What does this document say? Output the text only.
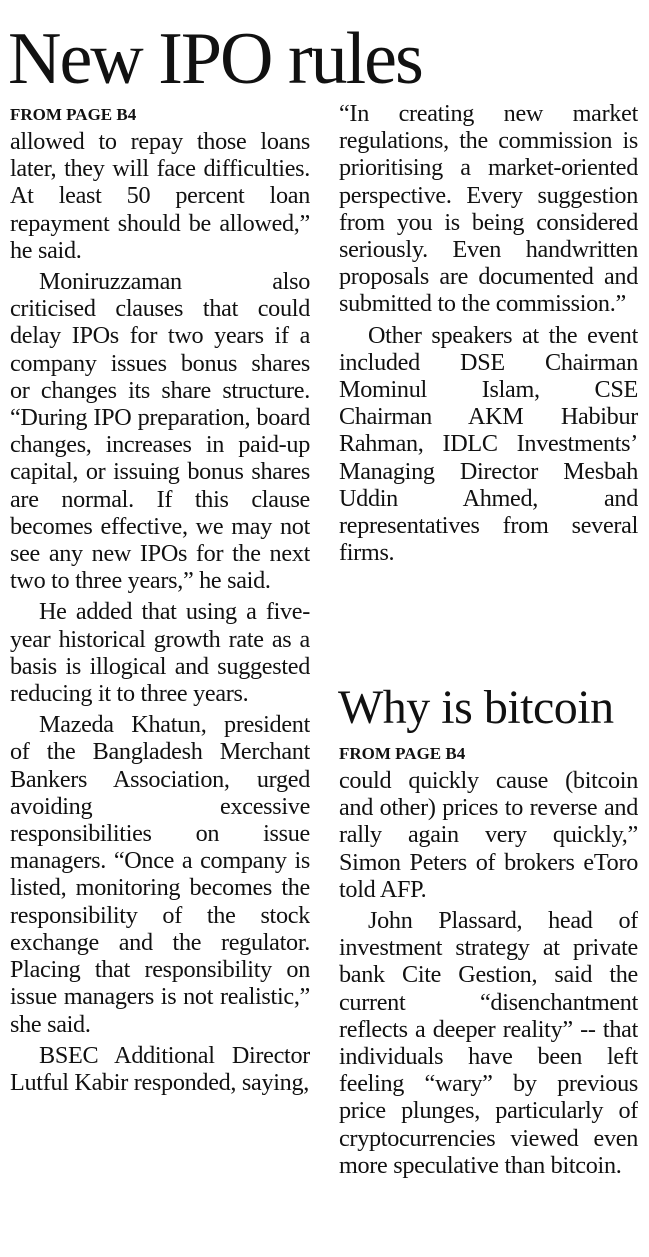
New IPO rules
FROM PAGE B4

allowed to repay those loans later, they will face difficulties. At least 50 percent loan repayment should be allowed,” he said.

Moniruzzaman also criticised clauses that could delay IPOs for two years if a company issues bonus shares or changes its share structure. “During IPO preparation, board changes, increases in paid-up capital, or issuing bonus shares are normal. If this clause becomes effective, we may not see any new IPOs for the next two to three years,” he said.

He added that using a five-year historical growth rate as a basis is illogical and suggested reducing it to three years.

Mazeda Khatun, president of the Bangladesh Merchant Bankers Association, urged avoiding excessive responsibilities on issue managers. “Once a company is listed, monitoring becomes the responsibility of the stock exchange and the regulator. Placing that responsibility on issue managers is not realistic,” she said.

BSEC Additional Director Lutful Kabir responded, saying,

“In creating new market regulations, the commission is prioritising a market-oriented perspective. Every suggestion from you is being considered seriously. Even handwritten proposals are documented and submitted to the commission.”

Other speakers at the event included DSE Chairman Mominul Islam, CSE Chairman AKM Habibur Rahman, IDLC Investments’ Managing Director Mesbah Uddin Ahmed, and representatives from several firms.

Why is bitcoin
FROM PAGE B4

could quickly cause (bitcoin and other) prices to reverse and rally again very quickly,” Simon Peters of brokers eToro told AFP.

John Plassard, head of investment strategy at private bank Cite Gestion, said the current “disenchantment reflects a deeper reality” -- that individuals have been left feeling “wary” by previous price plunges, particularly of cryptocurrencies viewed even more speculative than bitcoin.
